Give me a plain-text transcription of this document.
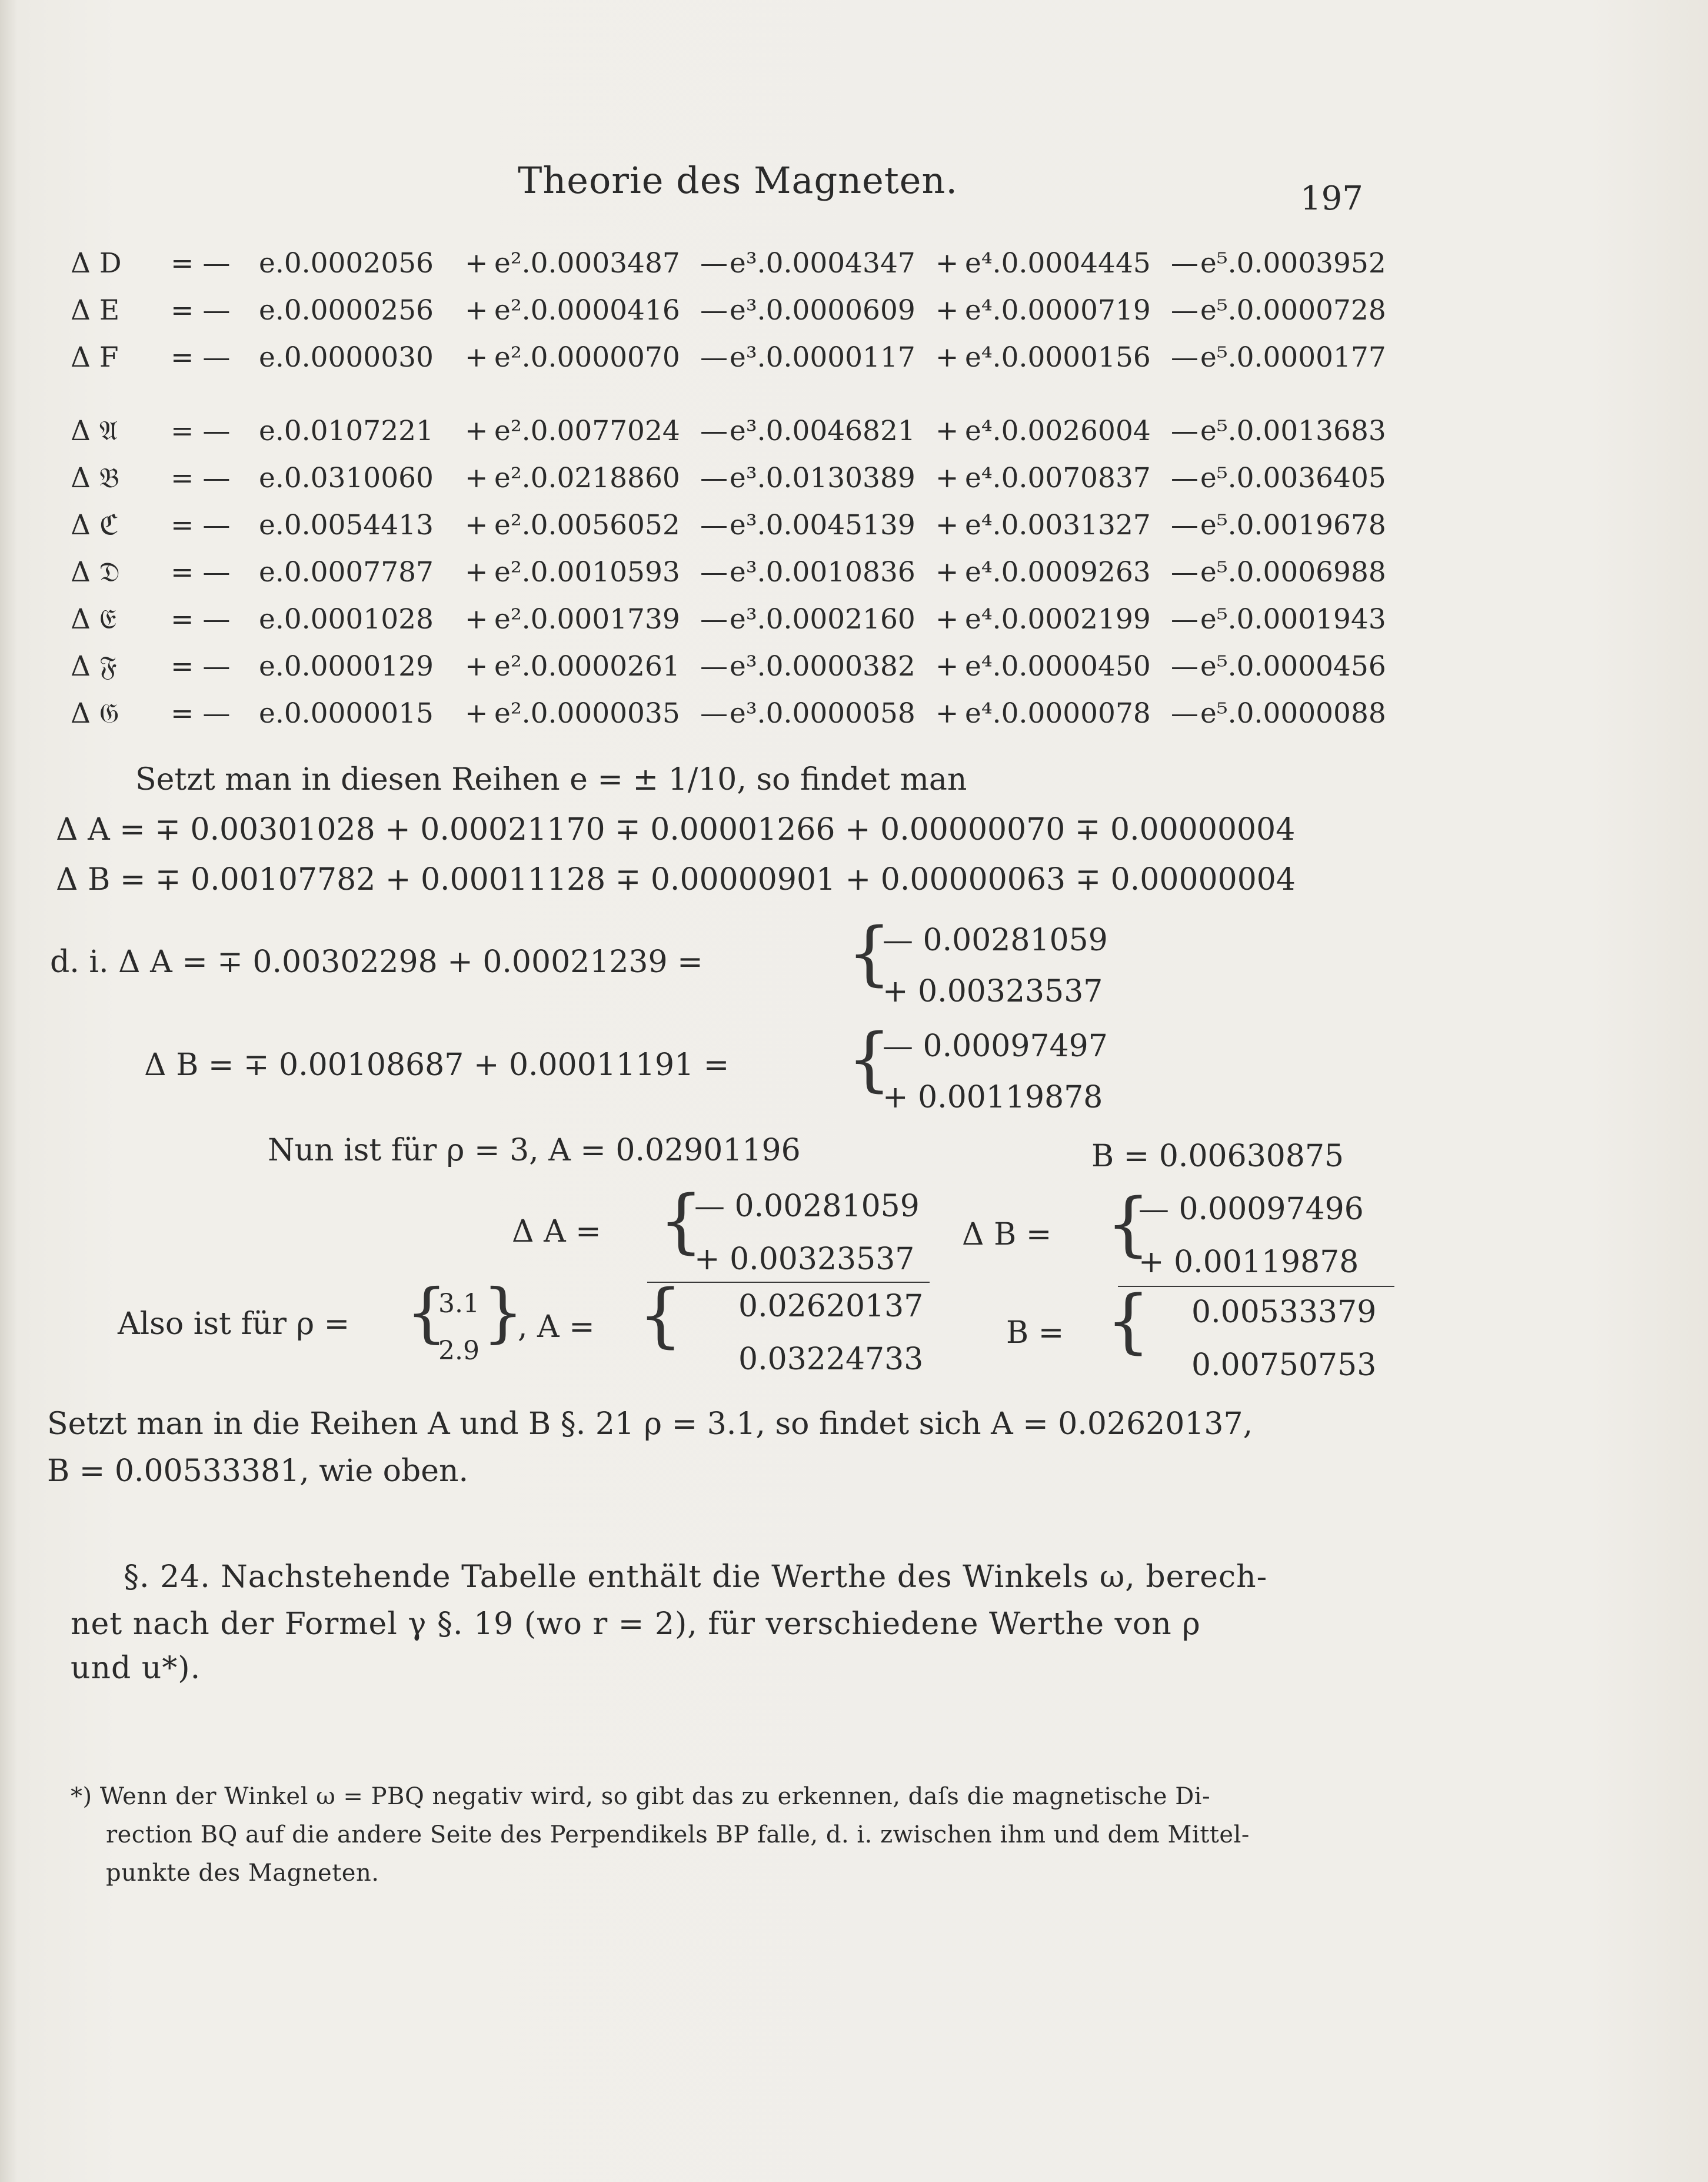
Theorie des Magneten.	197
Δ D = — e.0.0002056 + e².0.0003487 — e³.0.0004347 + e⁴.0.0004445 — e⁵.0.0003952
Δ E = — e.0.0000256 + e².0.0000416 — e³.0.0000609 + e⁴.0.0000719 — e⁵.0.0000728
Δ F = — e.0.0000030 + e².0.0000070 — e³.0.0000117 + e⁴.0.0000156 — e⁵.0.0000177
Δ 𝔄 = — e.0.0107221 + e².0.0077024 — e³.0.0046821 + e⁴.0.0026004 — e⁵.0.0013683
Δ 𝔅 = — e.0.0310060 + e².0.0218860 — e³.0.0130389 + e⁴.0.0070837 — e⁵.0.0036405
Δ ℭ = — e.0.0054413 + e².0.0056052 — e³.0.0045139 + e⁴.0.0031327 — e⁵.0.0019678
Δ 𝔇 = — e.0.0007787 + e².0.0010593 — e³.0.0010836 + e⁴.0.0009263 — e⁵.0.0006988
Δ 𝔈 = — e.0.0001028 + e².0.0001739 — e³.0.0002160 + e⁴.0.0002199 — e⁵.0.0001943
Δ 𝔉 = — e.0.0000129 + e².0.0000261 — e³.0.0000382 + e⁴.0.0000450 — e⁵.0.0000456
Δ 𝔊 = — e.0.0000015 + e².0.0000035 — e³.0.0000058 + e⁴.0.0000078 — e⁵.0.0000088
Setzt man in diesen Reihen e = ± 1/10, so findet man
Δ A = ∓ 0.00301028 + 0.00021170 ∓ 0.00001266 + 0.00000070 ∓ 0.00000004
Δ B = ∓ 0.00107782 + 0.00011128 ∓ 0.00000901 + 0.00000063 ∓ 0.00000004
d. i. Δ A = ∓ 0.00302298 + 0.00021239 = {
— 0.00281059
+ 0.00323537
Δ B = ∓ 0.00108687 + 0.00011191 = {
— 0.00097497
+ 0.00119878
Nun ist für ρ = 3, A = 0.02901196	B = 0.00630875
Δ A = {
— 0.00281059
+ 0.00323537
Δ B = {
— 0.00097496
+ 0.00119878
Also ist für ρ = {
3.1
2.9
}
, A = { 0.02620137
0.03224733
B = { 0.00533379
0.00750753
Setzt man in die Reihen A und B §. 21 ρ = 3.1, so findet sich A = 0.02620137,
B = 0.00533381, wie oben.
§. 24. Nachstehende Tabelle enthält die Werthe des Winkels ω, berech-
net nach der Formel γ §. 19 (wo r = 2), für verschiedene Werthe von ρ
und u*).
*) Wenn der Winkel ω = PBQ negativ wird, so gibt das zu erkennen, daſs die magnetische Di-
rection BQ auf die andere Seite des Perpendikels BP falle, d. i. zwischen ihm und dem Mittel-
punkte des Magneten.
